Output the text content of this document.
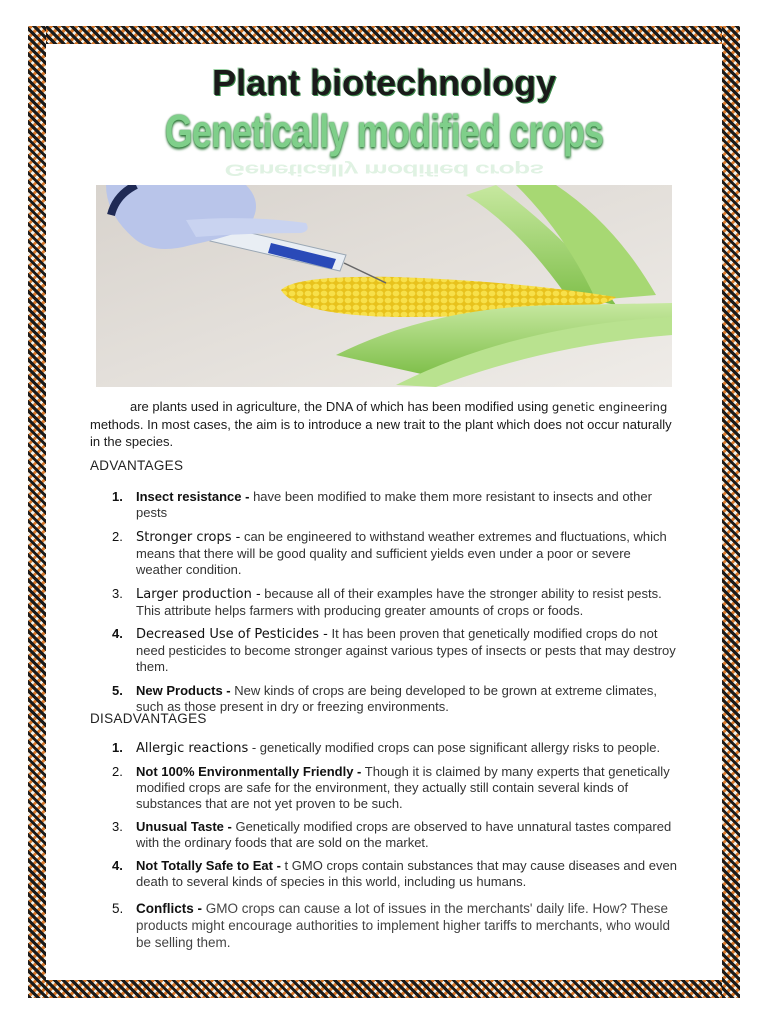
Plant biotechnology
Genetically modified crops
Genetically modified crops
are plants used in agriculture, the DNA of which has been modified using genetic engineering methods. In most cases, the aim is to introduce a new trait to the plant which does not occur naturally in the species.
ADVANTAGES
1. Insect resistance - have been modified to make them more resistant to insects and other pests
2. Stronger crops - can be engineered to withstand weather extremes and fluctuations, which means that there will be good quality and sufficient yields even under a poor or severe weather condition.
3. Larger production - because all of their examples have the stronger ability to resist pests. This attribute helps farmers with producing greater amounts of crops or foods.
4. Decreased Use of Pesticides - It has been proven that genetically modified crops do not need pesticides to become stronger against various types of insects or pests that may destroy them.
5. New Products - New kinds of crops are being developed to be grown at extreme climates, such as those present in dry or freezing environments.
DISADVANTAGES
1. Allergic reactions - genetically modified crops can pose significant allergy risks to people.
2. Not 100% Environmentally Friendly - Though it is claimed by many experts that genetically modified crops are safe for the environment, they actually still contain several kinds of substances that are not yet proven to be such.
3. Unusual Taste - Genetically modified crops are observed to have unnatural tastes compared with the ordinary foods that are sold on the market.
4. Not Totally Safe to Eat - t GMO crops contain substances that may cause diseases and even death to several kinds of species in this world, including us humans.
5. Conflicts - GMO crops can cause a lot of issues in the merchants' daily life. How? These products might encourage authorities to implement higher tariffs to merchants, who would be selling them.
